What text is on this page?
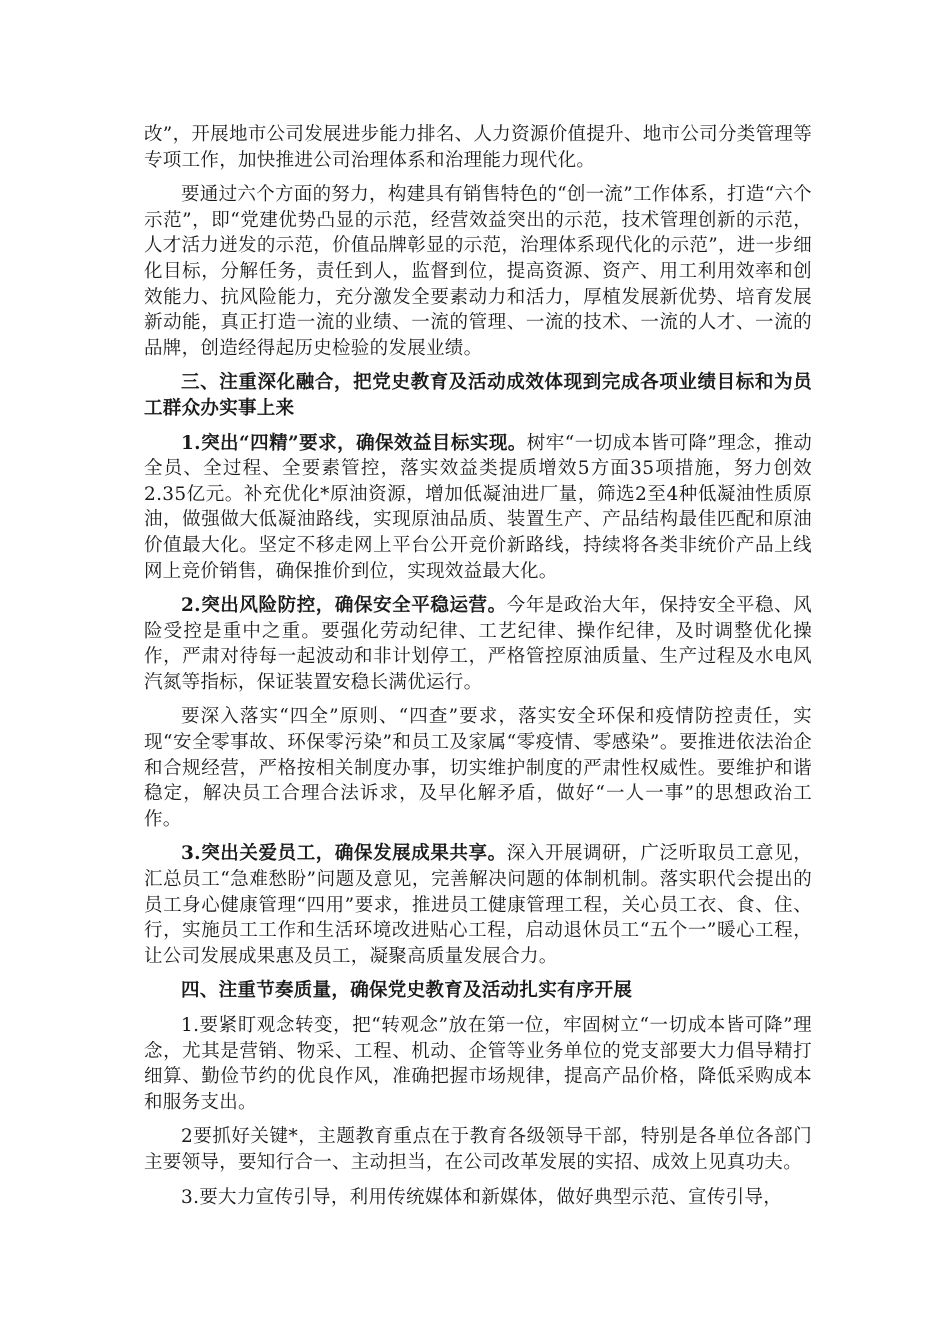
改”，开展地市公司发展进步能力排名、人力资源价值提升、地市公司分类管理等专项工作，加快推进公司治理体系和治理能力现代化。

要通过六个方面的努力，构建具有销售特色的“创一流”工作体系，打造“六个示范”，即“党建优势凸显的示范，经营效益突出的示范，技术管理创新的示范，人才活力迸发的示范，价值品牌彰显的示范，治理体系现代化的示范”，进一步细化目标，分解任务，责任到人，监督到位，提高资源、资产、用工利用效率和创效能力、抗风险能力，充分激发全要素动力和活力，厚植发展新优势、培育发展新动能，真正打造一流的业绩、一流的管理、一流的技术、一流的人才、一流的品牌，创造经得起历史检验的发展业绩。

三、注重深化融合，把党史教育及活动成效体现到完成各项业绩目标和为员工群众办实事上来

1.突出“四精”要求，确保效益目标实现。树牢“一切成本皆可降”理念，推动全员、全过程、全要素管控，落实效益类提质增效5方面35项措施，努力创效2.35亿元。补充优化*原油资源，增加低凝油进厂量，筛选2至4种低凝油性质原油，做强做大低凝油路线，实现原油品质、装置生产、产品结构最佳匹配和原油价值最大化。坚定不移走网上平台公开竞价新路线，持续将各类非统价产品上线网上竞价销售，确保推价到位，实现效益最大化。

2.突出风险防控，确保安全平稳运营。今年是政治大年，保持安全平稳、风险受控是重中之重。要强化劳动纪律、工艺纪律、操作纪律，及时调整优化操作，严肃对待每一起波动和非计划停工，严格管控原油质量、生产过程及水电风汽氮等指标，保证装置安稳长满优运行。

要深入落实“四全”原则、“四查”要求，落实安全环保和疫情防控责任，实现“安全零事故、环保零污染”和员工及家属“零疫情、零感染”。要推进依法治企和合规经营，严格按相关制度办事，切实维护制度的严肃性权威性。要维护和谐稳定，解决员工合理合法诉求，及早化解矛盾，做好“一人一事”的思想政治工作。

3.突出关爱员工，确保发展成果共享。深入开展调研，广泛听取员工意见，汇总员工“急难愁盼”问题及意见，完善解决问题的体制机制。落实职代会提出的员工身心健康管理“四用”要求，推进员工健康管理工程，关心员工衣、食、住、行，实施员工工作和生活环境改进贴心工程，启动退休员工“五个一”暖心工程，让公司发展成果惠及员工，凝聚高质量发展合力。

四、注重节奏质量，确保党史教育及活动扎实有序开展

1.要紧盯观念转变，把“转观念”放在第一位，牢固树立“一切成本皆可降”理念，尤其是营销、物采、工程、机动、企管等业务单位的党支部要大力倡导精打细算、勤俭节约的优良作风，准确把握市场规律，提高产品价格，降低采购成本和服务支出。

2要抓好关键*，主题教育重点在于教育各级领导干部，特别是各单位各部门主要领导，要知行合一、主动担当，在公司改革发展的实招、成效上见真功夫。

3.要大力宣传引导，利用传统媒体和新媒体，做好典型示范、宣传引导，
